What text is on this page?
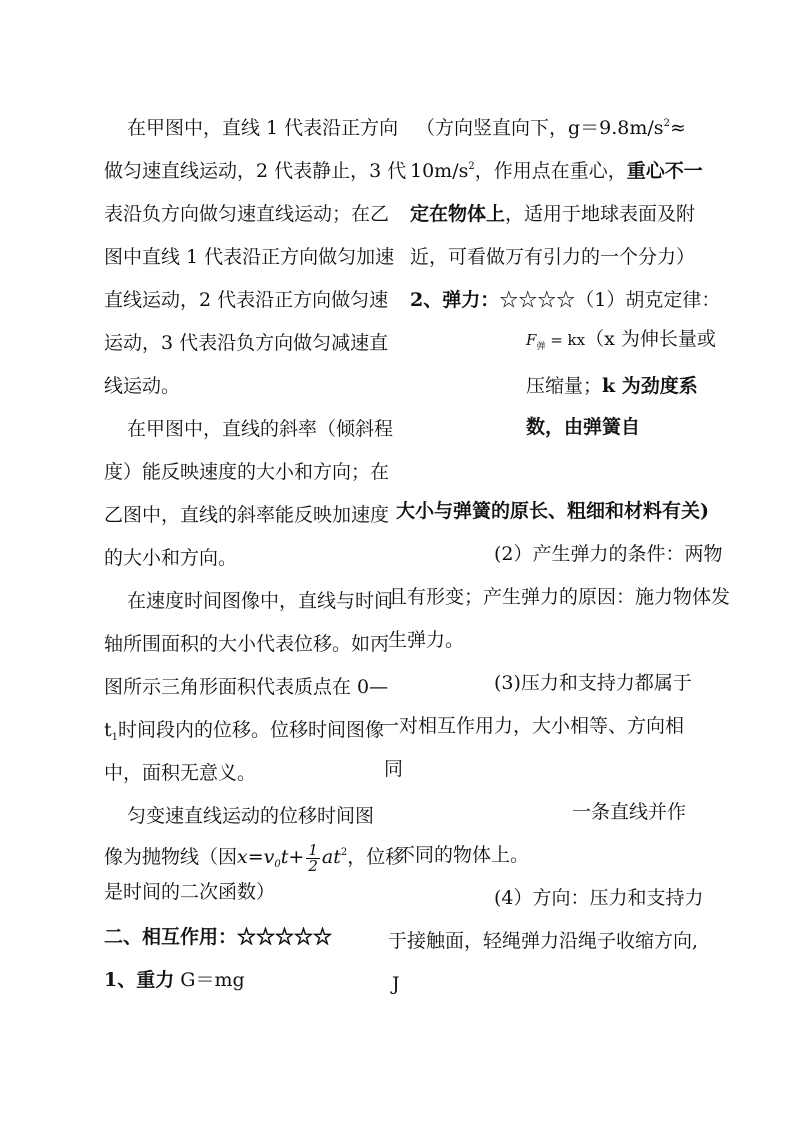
在甲图中，直线 1 代表沿正方向
做匀速直线运动，2 代表静止，3 代
表沿负方向做匀速直线运动；在乙
图中直线 1 代表沿正方向做匀加速
直线运动，2 代表沿正方向做匀速
运动，3 代表沿负方向做匀减速直
线运动。
在甲图中，直线的斜率（倾斜程
度）能反映速度的大小和方向；在
乙图中，直线的斜率能反映加速度
的大小和方向。
在速度时间图像中，直线与时间
轴所围面积的大小代表位移。如丙
图所示三角形面积代表质点在 0—
$t_1$时间段内的位移。位移时间图像
中，面积无意义。
匀变速直线运动的位移时间图
像为抛物线（因$x=v_0t+ \frac{1}{2} at^2$，位移
是时间的二次函数）
二、相互作用：☆☆☆☆☆
1、重力 G＝mg
（方向竖直向下，$g=9.8m/s^2\approx$
$10m/s^2$，作用点在重心，重心不一
定在物体上，适用于地球表面及附
近，可看做万有引力的一个分力）
2、弹力：☆☆☆☆（1）胡克定律：
$F_弹 = kx(x$ 为伸长量或
压缩量；k 为劲度系
数，由弹簧自
大小与弹簧的原长、粗细和材料有关)
(2）产生弹力的条件：两物
且有形变；产生弹力的原因：施力物体发
生弹力。
(3)压力和支持力都属于
一对相互作用力，大小相等、方向相
同
一条直线并作
不同的物体上。
(4）方向：压力和支持力
于接触面，轻绳弹力沿绳子收缩方向,
J
